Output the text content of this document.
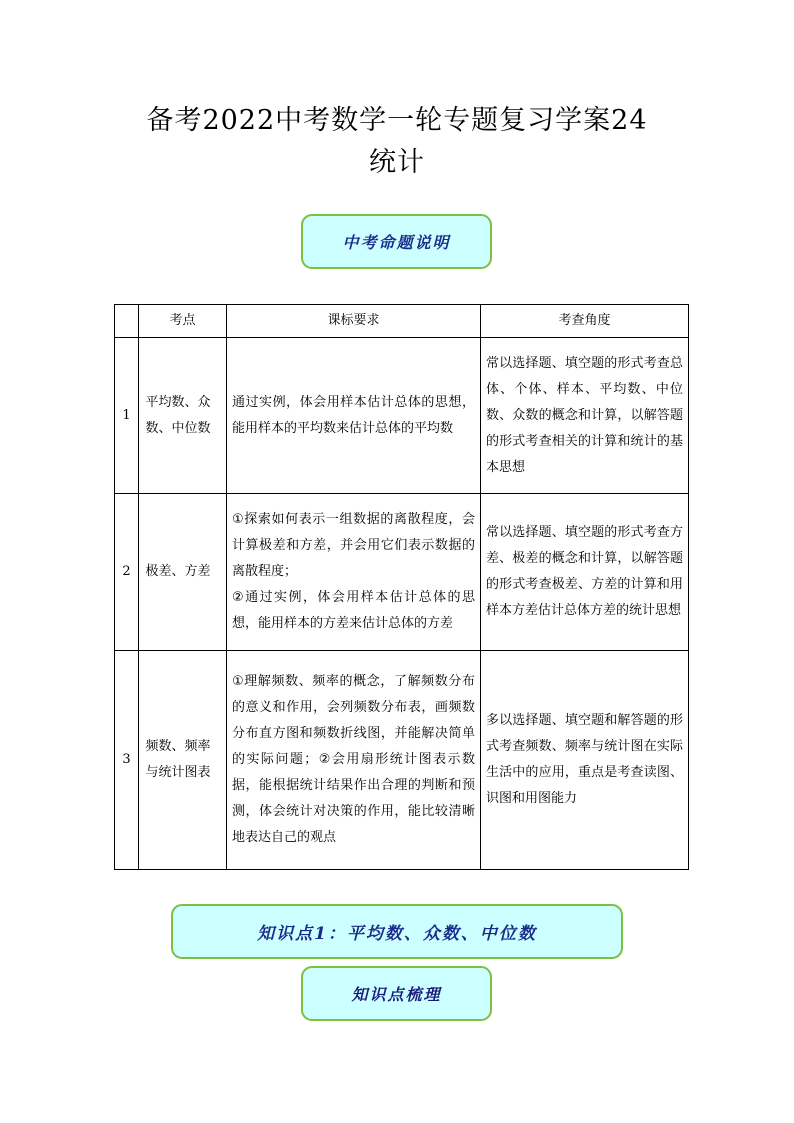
备考2022中考数学一轮专题复习学案24
统计
中考命题说明
	考点	课标要求	考查角度
1	平均数、众数、中位数	通过实例，体会用样本估计总体的思想，能用样本的平均数来估计总体的平均数	常以选择题、填空题的形式考查总体、个体、样本、平均数、中位数、众数的概念和计算，以解答题的形式考查相关的计算和统计的基本思想
2	极差、方差	①探索如何表示一组数据的离散程度，会计算极差和方差，并会用它们表示数据的离散程度；
②通过实例，体会用样本估计总体的思想，能用样本的方差来估计总体的方差	常以选择题、填空题的形式考查方差、极差的概念和计算，以解答题的形式考查极差、方差的计算和用样本方差估计总体方差的统计思想
3	频数、频率与统计图表	①理解频数、频率的概念，了解频数分布的意义和作用，会列频数分布表，画频数分布直方图和频数折线图，并能解决简单的实际问题；②会用扇形统计图表示数据，能根据统计结果作出合理的判断和预测，体会统计对决策的作用，能比较清晰地表达自己的观点	多以选择题、填空题和解答题的形式考查频数、频率与统计图在实际生活中的应用，重点是考查读图、识图和用图能力
知识点1：平均数、众数、中位数
知识点梳理
